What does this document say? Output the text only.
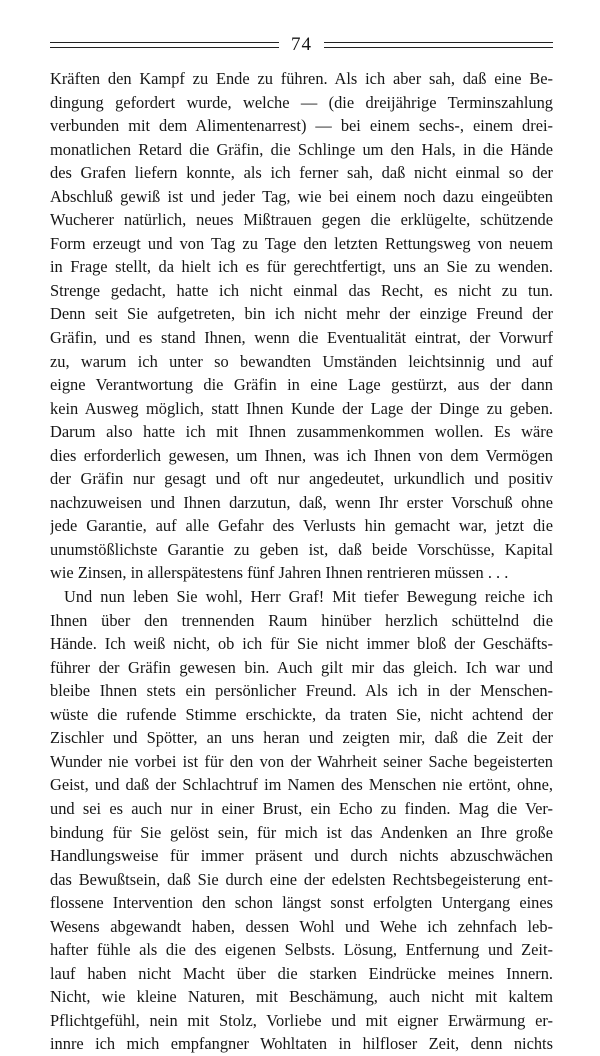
74
Kräften den Kampf zu Ende zu führen. Als ich aber sah, daß eine Be-
dingung gefordert wurde, welche — (die dreijährige Terminszahlung
verbunden mit dem Alimentenarrest) — bei einem sechs-, einem drei-
monatlichen Retard die Gräfin, die Schlinge um den Hals, in die Hände
des Grafen liefern konnte, als ich ferner sah, daß nicht einmal so der
Abschluß gewiß ist und jeder Tag, wie bei einem noch dazu eingeübten
Wucherer natürlich, neues Mißtrauen gegen die erklügelte, schützende
Form erzeugt und von Tag zu Tage den letzten Rettungsweg von neuem
in Frage stellt, da hielt ich es für gerechtfertigt, uns an Sie zu wenden.
Strenge gedacht, hatte ich nicht einmal das Recht, es nicht zu tun.
Denn seit Sie aufgetreten, bin ich nicht mehr der einzige Freund der
Gräfin, und es stand Ihnen, wenn die Eventualität eintrat, der Vorwurf
zu, warum ich unter so bewandten Umständen leichtsinnig und auf
eigne Verantwortung die Gräfin in eine Lage gestürzt, aus der dann
kein Ausweg möglich, statt Ihnen Kunde der Lage der Dinge zu geben.
Darum also hatte ich mit Ihnen zusammenkommen wollen. Es wäre
dies erforderlich gewesen, um Ihnen, was ich Ihnen von dem Vermögen
der Gräfin nur gesagt und oft nur angedeutet, urkundlich und positiv
nachzuweisen und Ihnen darzutun, daß, wenn Ihr erster Vorschuß ohne
jede Garantie, auf alle Gefahr des Verlusts hin gemacht war, jetzt die
unumstößlichste Garantie zu geben ist, daß beide Vorschüsse, Kapital
wie Zinsen, in allerspätestens fünf Jahren Ihnen rentrieren müssen . . .
Und nun leben Sie wohl, Herr Graf! Mit tiefer Bewegung reiche ich
Ihnen über den trennenden Raum hinüber herzlich schüttelnd die
Hände. Ich weiß nicht, ob ich für Sie nicht immer bloß der Geschäfts-
führer der Gräfin gewesen bin. Auch gilt mir das gleich. Ich war und
bleibe Ihnen stets ein persönlicher Freund. Als ich in der Menschen-
wüste die rufende Stimme erschickte, da traten Sie, nicht achtend der
Zischler und Spötter, an uns heran und zeigten mir, daß die Zeit der
Wunder nie vorbei ist für den von der Wahrheit seiner Sache begeisterten
Geist, und daß der Schlachtruf im Namen des Menschen nie ertönt, ohne,
und sei es auch nur in einer Brust, ein Echo zu finden. Mag die Ver-
bindung für Sie gelöst sein, für mich ist das Andenken an Ihre große
Handlungsweise für immer präsent und durch nichts abzuschwächen
das Bewußtsein, daß Sie durch eine der edelsten Rechtsbegeisterung ent-
flossene Intervention den schon längst sonst erfolgten Untergang eines
Wesens abgewandt haben, dessen Wohl und Wehe ich zehnfach leb-
hafter fühle als die des eigenen Selbsts. Lösung, Entfernung und Zeit-
lauf haben nicht Macht über die starken Eindrücke meines Innern.
Nicht, wie kleine Naturen, mit Beschämung, auch nicht mit kaltem
Pflichtgefühl, nein mit Stolz, Vorliebe und mit eigner Erwärmung er-
innre ich mich empfangner Wohltaten in hilfloser Zeit, denn nichts
